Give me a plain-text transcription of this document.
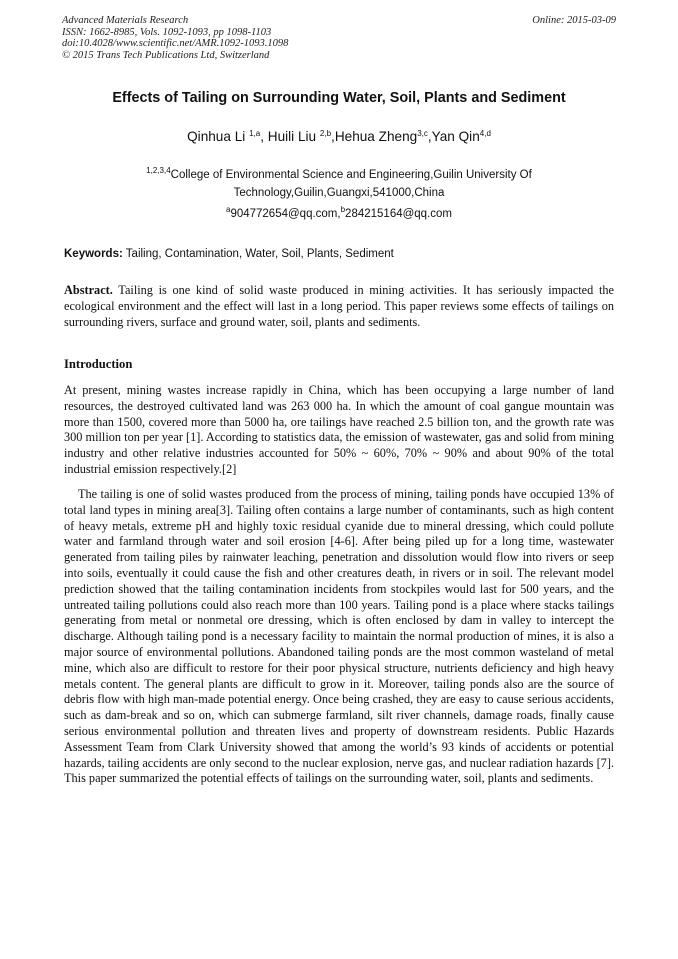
Advanced Materials Research
ISSN: 1662-8985, Vols. 1092-1093, pp 1098-1103
doi:10.4028/www.scientific.net/AMR.1092-1093.1098
© 2015 Trans Tech Publications Ltd, Switzerland
Online: 2015-03-09
Effects of Tailing on Surrounding Water, Soil, Plants and Sediment
Qinhua Li $^{1,a}$, Huili Liu $^{2,b}$,Hehua Zheng$^{3,c}$,Yan Qin$^{4,d}$
$^{1,2,3,4}$College of Environmental Science and Engineering,Guilin University Of
Technology,Guilin,Guangxi,541000,China
$^a$904772654@qq.com,$^b$284215164@qq.com
Keywords: Tailing, Contamination, Water, Soil, Plants, Sediment
Abstract. Tailing is one kind of solid waste produced in mining activities. It has seriously impacted the ecological environment and the effect will last in a long period. This paper reviews some effects of tailings on surrounding rivers, surface and ground water, soil, plants and sediments.
Introduction
At present, mining wastes increase rapidly in China, which has been occupying a large number of land resources, the destroyed cultivated land was 263 000 ha. In which the amount of coal gangue mountain was more than 1500, covered more than 5000 ha, ore tailings have reached 2.5 billion ton, and the growth rate was 300 million ton per year [1]. According to statistics data, the emission of wastewater, gas and solid from mining industry and other relative industries accounted for 50% ~ 60%, 70% ~ 90% and about 90% of the total industrial emission respectively.[2]
The tailing is one of solid wastes produced from the process of mining, tailing ponds have occupied 13% of total land types in mining area[3]. Tailing often contains a large number of contaminants, such as high content of heavy metals, extreme pH and highly toxic residual cyanide due to mineral dressing, which could pollute water and farmland through water and soil erosion [4-6]. After being piled up for a long time, wastewater generated from tailing piles by rainwater leaching, penetration and dissolution would flow into rivers or seep into soils, eventually it could cause the fish and other creatures death, in rivers or in soil. The relevant model prediction showed that the tailing contamination incidents from stockpiles would last for 500 years, and the untreated tailing pollutions could also reach more than 100 years. Tailing pond is a place where stacks tailings generating from metal or nonmetal ore dressing, which is often enclosed by dam in valley to intercept the discharge. Although tailing pond is a necessary facility to maintain the normal production of mines, it is also a major source of environmental pollutions. Abandoned tailing ponds are the most common wasteland of metal mine, which also are difficult to restore for their poor physical structure, nutrients deficiency and high heavy metals content. The general plants are difficult to grow in it. Moreover, tailing ponds also are the source of debris flow with high man-made potential energy. Once being crashed, they are easy to cause serious accidents, such as dam-break and so on, which can submerge farmland, silt river channels, damage roads, finally cause serious environmental pollution and threaten lives and property of downstream residents. Public Hazards Assessment Team from Clark University showed that among the world’s 93 kinds of accidents or potential hazards, tailing accidents are only second to the nuclear explosion, nerve gas, and nuclear radiation hazards [7]. This paper summarized the potential effects of tailings on the surrounding water, soil, plants and sediments.
